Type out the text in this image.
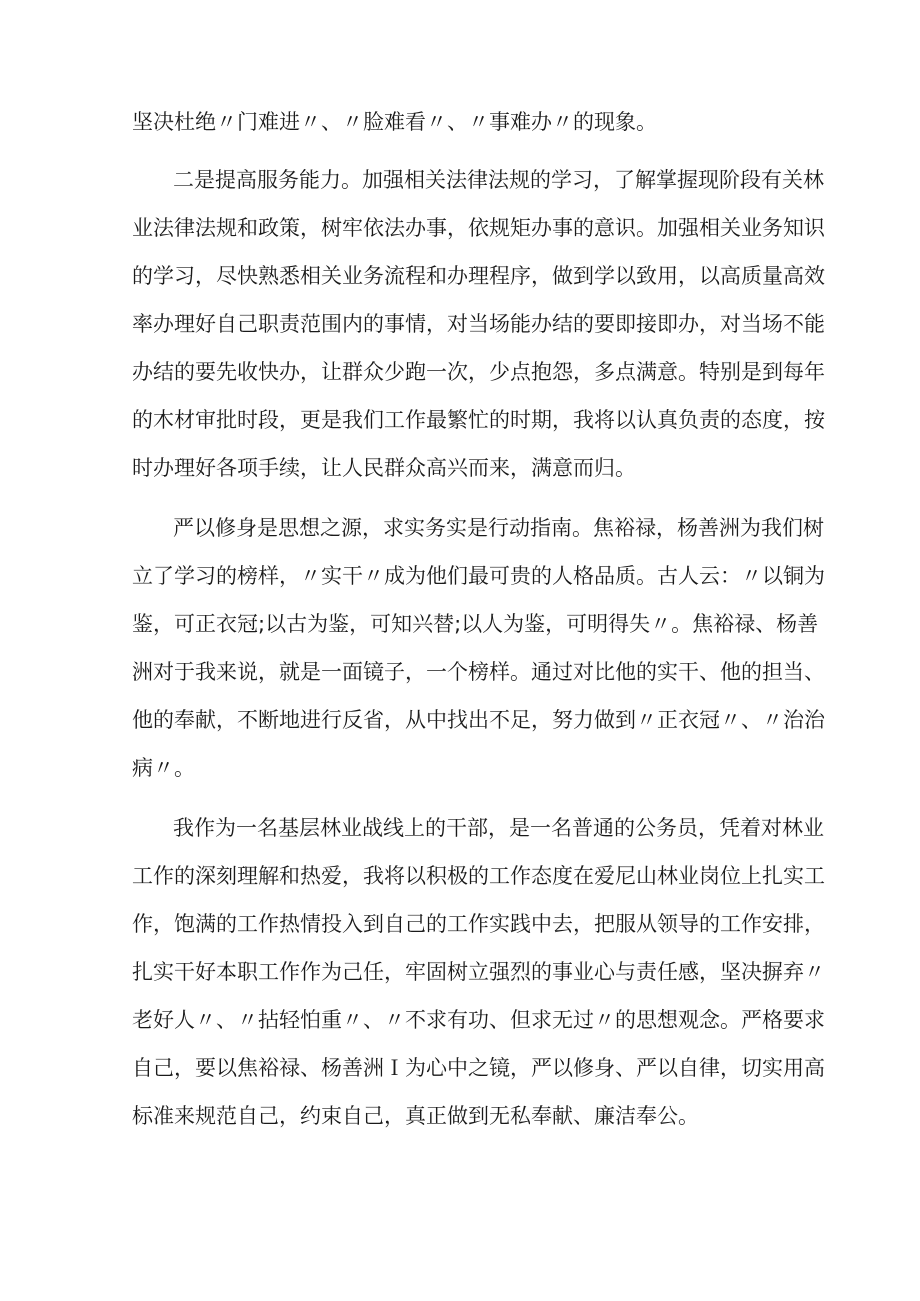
坚决杜绝〃门难进〃、〃脸难看〃、〃事难办〃的现象。
二是提高服务能力。加强相关法律法规的学习，了解掌握现阶段有关林
业法律法规和政策，树牢依法办事，依规矩办事的意识。加强相关业务知识
的学习，尽快熟悉相关业务流程和办理程序，做到学以致用，以高质量高效
率办理好自己职责范围内的事情，对当场能办结的要即接即办，对当场不能
办结的要先收快办，让群众少跑一次，少点抱怨，多点满意。特别是到每年
的木材审批时段，更是我们工作最繁忙的时期，我将以认真负责的态度，按
时办理好各项手续，让人民群众高兴而来，满意而归。
严以修身是思想之源，求实务实是行动指南。焦裕禄，杨善洲为我们树
立了学习的榜样，〃实干〃成为他们最可贵的人格品质。古人云：〃以铜为
鉴，可正衣冠;以古为鉴，可知兴替;以人为鉴，可明得失〃。焦裕禄、杨善
洲对于我来说，就是一面镜子，一个榜样。通过对比他的实干、他的担当、
他的奉献，不断地进行反省，从中找出不足，努力做到〃正衣冠〃、〃治治
病〃。
我作为一名基层林业战线上的干部，是一名普通的公务员，凭着对林业
工作的深刻理解和热爱，我将以积极的工作态度在爱尼山林业岗位上扎实工
作，饱满的工作热情投入到自己的工作实践中去，把服从领导的工作安排，
扎实干好本职工作作为己任，牢固树立强烈的事业心与责任感，坚决摒弃〃
老好人〃、〃拈轻怕重〃、〃不求有功、但求无过〃的思想观念。严格要求
自己，要以焦裕禄、杨善洲Ｉ为心中之镜，严以修身、严以自律，切实用高
标准来规范自己，约束自己，真正做到无私奉献、廉洁奉公。
